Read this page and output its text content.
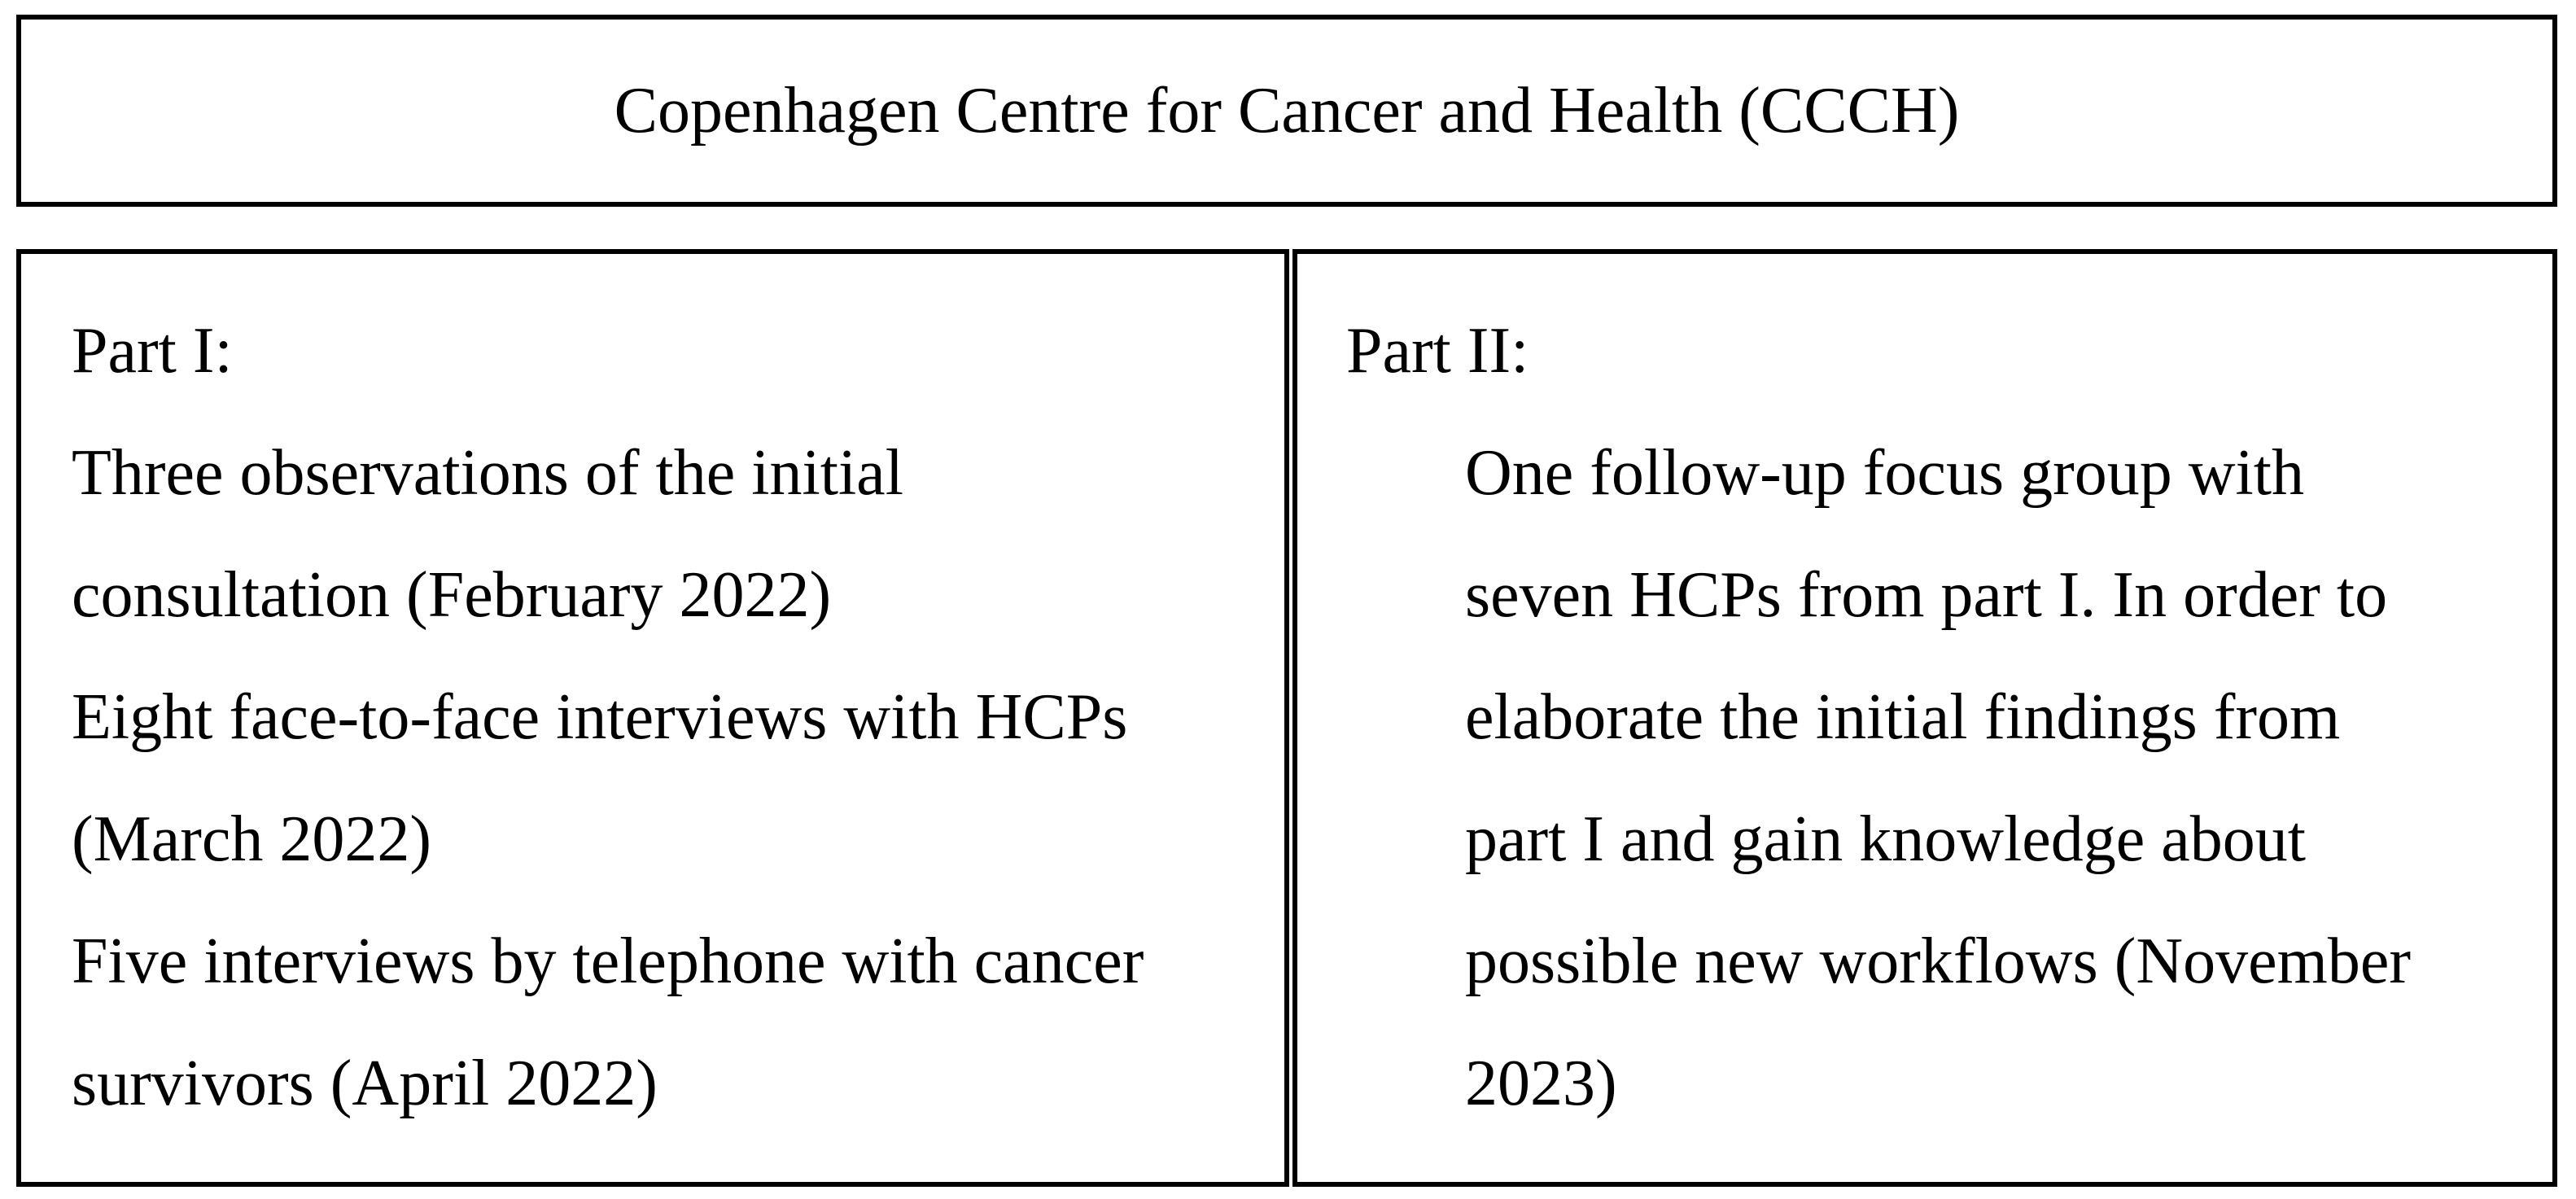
Copenhagen Centre for Cancer and Health (CCCH)
Part I:
Three observations of the initial
consultation (February 2022)
Eight face-to-face interviews with HCPs
(March 2022)
Five interviews by telephone with cancer
survivors (April 2022)
Part II:
One follow-up focus group with
seven HCPs from part I. In order to
elaborate the initial findings from
part I and gain knowledge about
possible new workflows (November
2023)
